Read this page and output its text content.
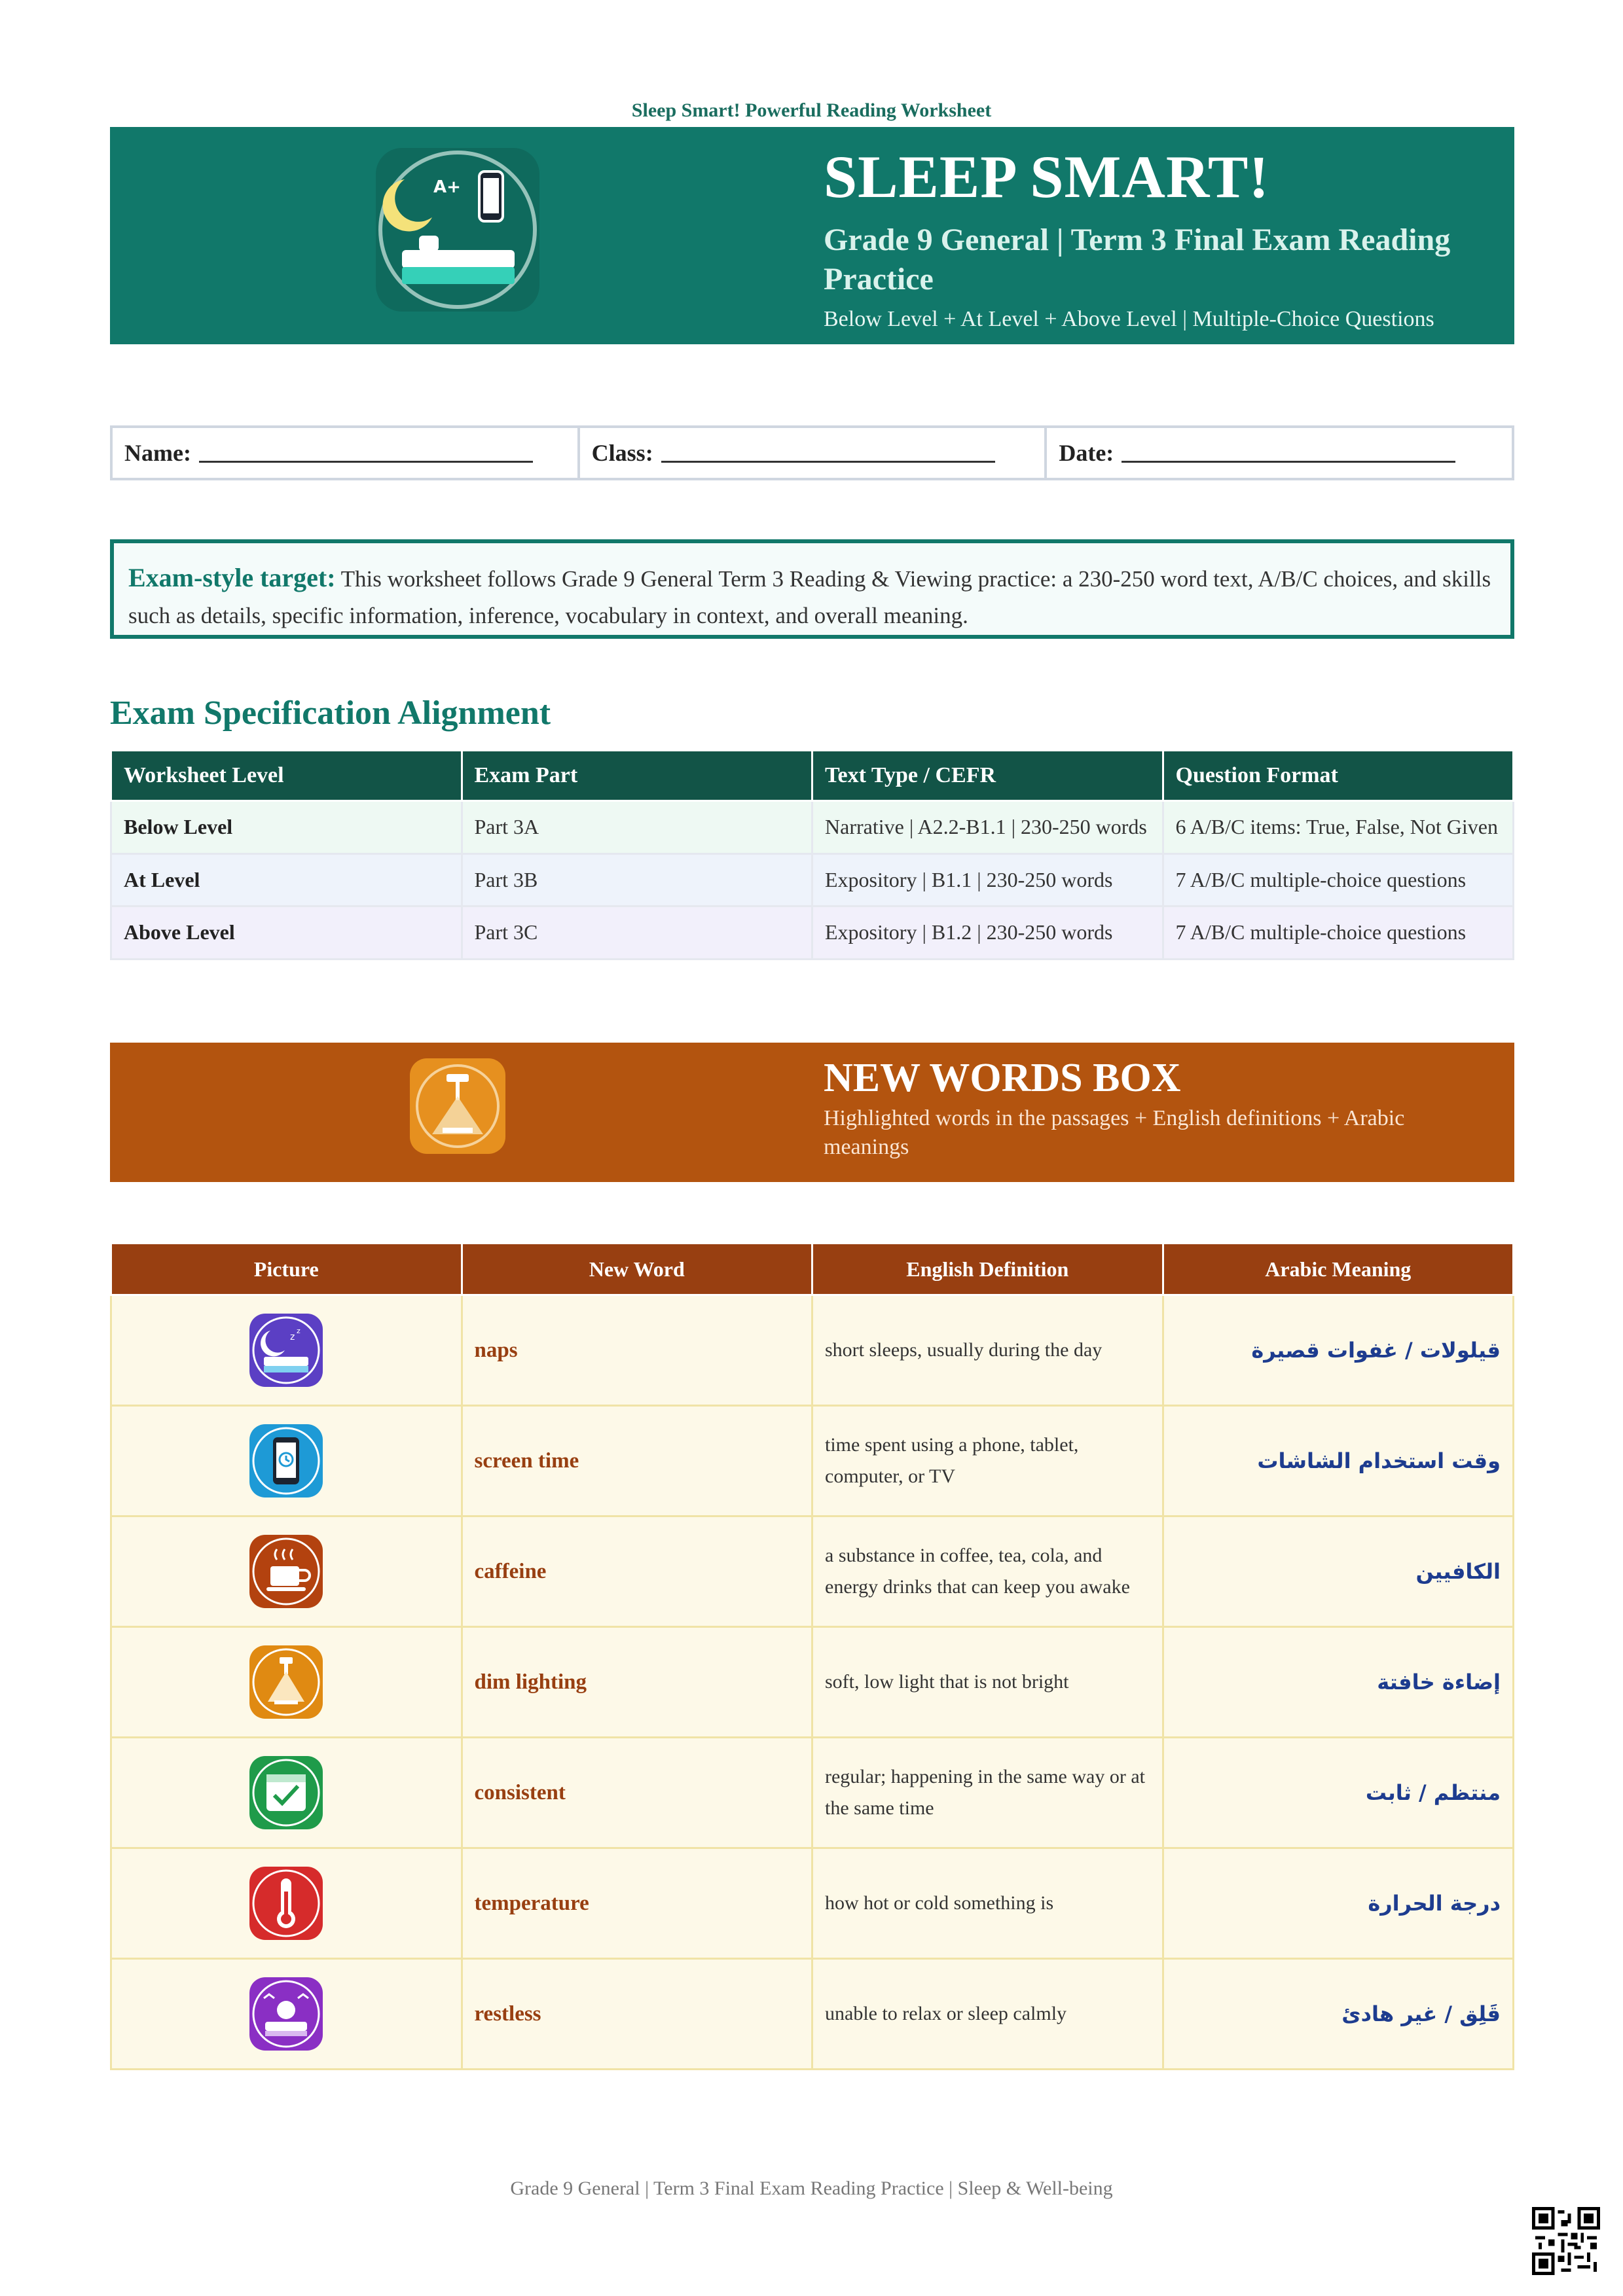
Sleep Smart! Powerful Reading Worksheet
A+	SLEEP SMART!
Grade 9 General | Term 3 Final Exam Reading Practice
Below Level + At Level + Above Level | Multiple-Choice Questions
Name:	Class:	Date:
Exam-style target: This worksheet follows Grade 9 General Term 3 Reading & Viewing practice: a 230-250 word text, A/B/C choices, and skills such as details, specific information, inference, vocabulary in context, and overall meaning.
Exam Specification Alignment
Worksheet Level	Exam Part	Text Type / CEFR	Question Format
Below Level	Part 3A	Narrative | A2.2-B1.1 | 230-250 words	6 A/B/C items: True, False, Not Given
At Level	Part 3B	Expository | B1.1 | 230-250 words	7 A/B/C multiple-choice questions
Above Level	Part 3C	Expository | B1.2 | 230-250 words	7 A/B/C multiple-choice questions
NEW WORDS BOX
Highlighted words in the passages + English definitions + Arabic meanings
Picture	New Word	English Definition	Arabic Meaning

z
z	naps	short sleeps, usually during the day	قيلولات / غفوات قصيرة
	screen time	time spent using a phone, tablet, computer, or TV	وقت استخدام الشاشات
	caffeine	a substance in coffee, tea, cola, and energy drinks that can keep you awake	الكافيين
	dim lighting	soft, low light that is not bright	إضاءة خافتة
	consistent	regular; happening in the same way or at the same time	منتظم / ثابت
	temperature	how hot or cold something is	درجة الحرارة
	restless	unable to relax or sleep calmly	قَلِق / غير هادئ
Grade 9 General | Term 3 Final Exam Reading Practice | Sleep & Well-being
